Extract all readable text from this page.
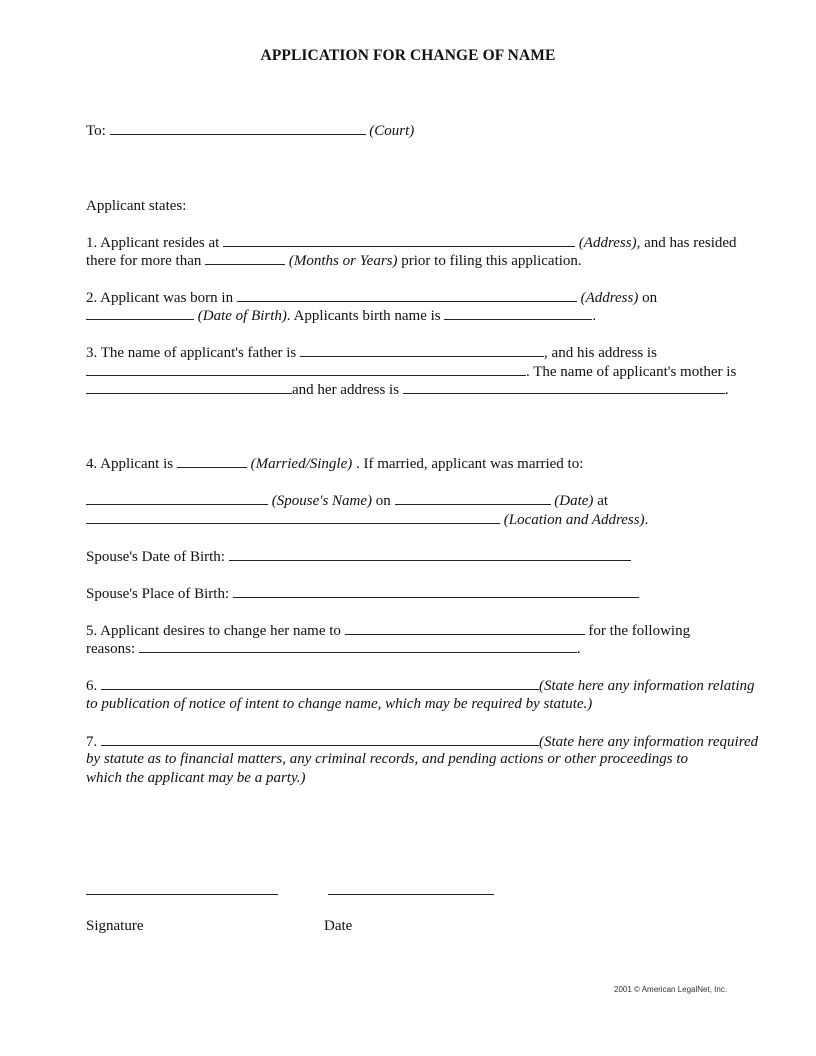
APPLICATION FOR CHANGE OF NAME
To:	(Court)
Applicant states:
1. Applicant resides at	(Address), and has resided
there for more than	(Months or Years) prior to filing this application.
2. Applicant was born in	(Address) on
(Date of Birth). Applicants birth name is	.
3. The name of applicant's father is	, and his address is
. The name of applicant's mother is
and her address is	.
4. Applicant is	(Married/Single) . If married, applicant was married to:
(Spouse's Name) on	(Date) at
(Location and Address).
Spouse's Date of Birth:
Spouse's Place of Birth:
5. Applicant desires to change her name to	for the following
reasons:	.
6.	(State here any information relating
to publication of notice of intent to change name, which may be required by statute.)
7.	(State here any information required
by statute as to financial matters, any criminal records, and pending actions or other proceedings to
which the applicant may be a party.)
Signature	Date
2001 © American LegalNet, Inc.
